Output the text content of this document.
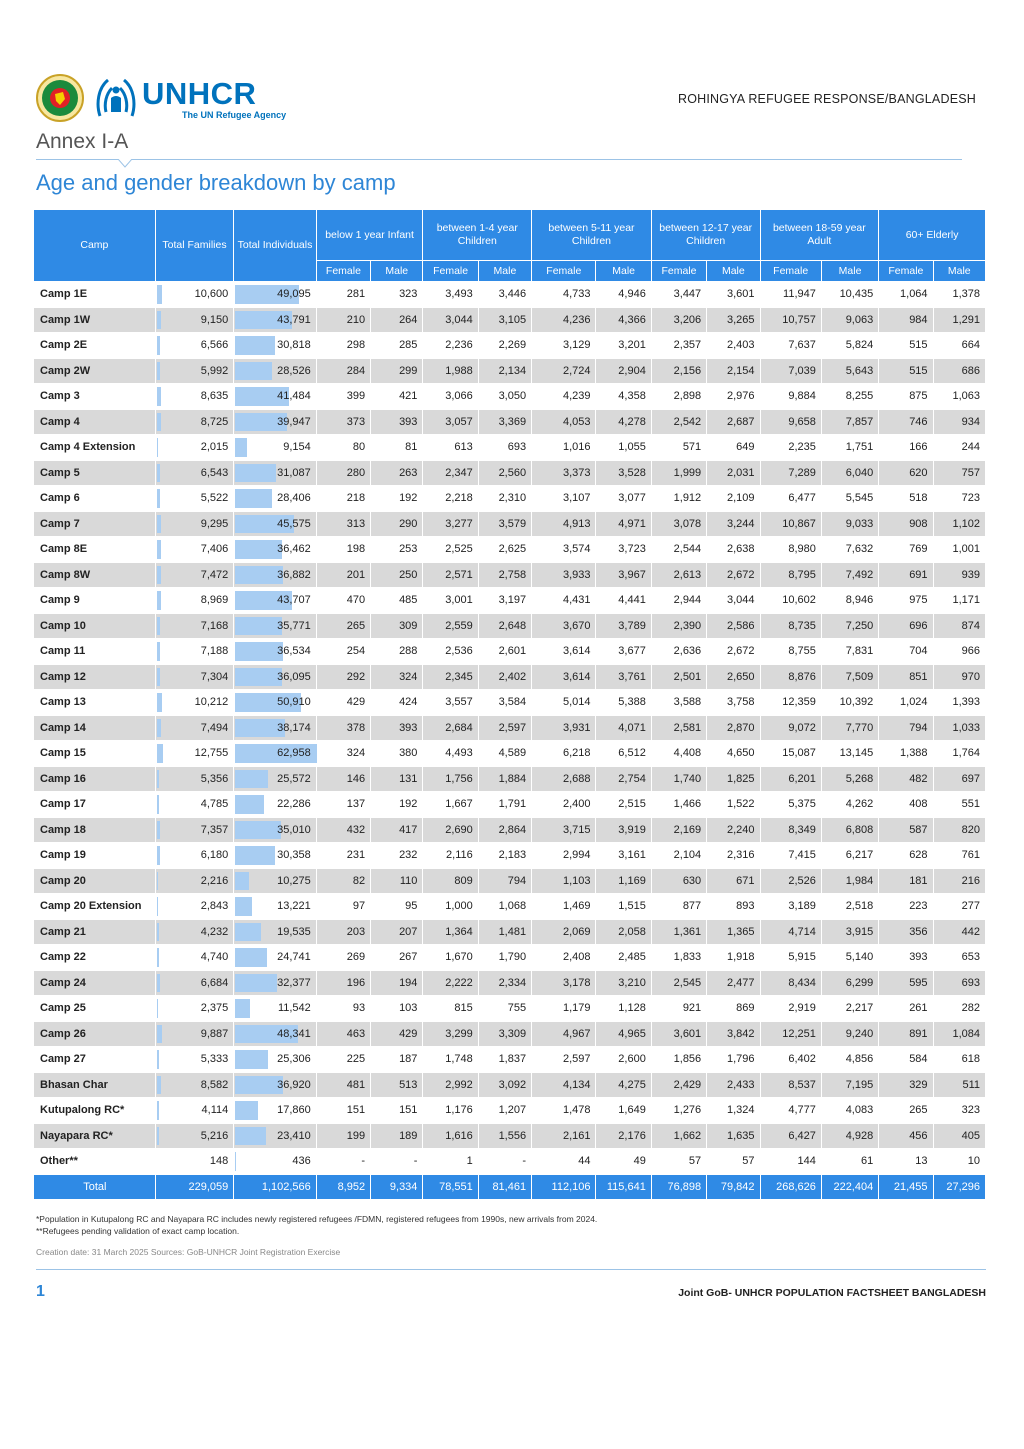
UNHCR
The UN Refugee Agency
ROHINGYA REFUGEE RESPONSE/BANGLADESH
Annex I-A
Age and gender breakdown by camp
Camp	Total Families	Total Individuals	below 1 year Infant		between 1-4 year Children		between 5-11 year Children		between 12-17 year Children		between 18-59 year Adult		60+ Elderly	
			Female	Male	Female	Male	Female	Male	Female	Male	Female	Male	Female	Male
Camp 1E	10,600	49,095	281	323	3,493	3,446	4,733	4,946	3,447	3,601	11,947	10,435	1,064	1,378
Camp 1W	9,150	43,791	210	264	3,044	3,105	4,236	4,366	3,206	3,265	10,757	9,063	984	1,291
Camp 2E	6,566	30,818	298	285	2,236	2,269	3,129	3,201	2,357	2,403	7,637	5,824	515	664
Camp 2W	5,992	28,526	284	299	1,988	2,134	2,724	2,904	2,156	2,154	7,039	5,643	515	686
Camp 3	8,635	41,484	399	421	3,066	3,050	4,239	4,358	2,898	2,976	9,884	8,255	875	1,063
Camp 4	8,725	39,947	373	393	3,057	3,369	4,053	4,278	2,542	2,687	9,658	7,857	746	934
Camp 4 Extension	2,015	9,154	80	81	613	693	1,016	1,055	571	649	2,235	1,751	166	244
Camp 5	6,543	31,087	280	263	2,347	2,560	3,373	3,528	1,999	2,031	7,289	6,040	620	757
Camp 6	5,522	28,406	218	192	2,218	2,310	3,107	3,077	1,912	2,109	6,477	5,545	518	723
Camp 7	9,295	45,575	313	290	3,277	3,579	4,913	4,971	3,078	3,244	10,867	9,033	908	1,102
Camp 8E	7,406	36,462	198	253	2,525	2,625	3,574	3,723	2,544	2,638	8,980	7,632	769	1,001
Camp 8W	7,472	36,882	201	250	2,571	2,758	3,933	3,967	2,613	2,672	8,795	7,492	691	939
Camp 9	8,969	43,707	470	485	3,001	3,197	4,431	4,441	2,944	3,044	10,602	8,946	975	1,171
Camp 10	7,168	35,771	265	309	2,559	2,648	3,670	3,789	2,390	2,586	8,735	7,250	696	874
Camp 11	7,188	36,534	254	288	2,536	2,601	3,614	3,677	2,636	2,672	8,755	7,831	704	966
Camp 12	7,304	36,095	292	324	2,345	2,402	3,614	3,761	2,501	2,650	8,876	7,509	851	970
Camp 13	10,212	50,910	429	424	3,557	3,584	5,014	5,388	3,588	3,758	12,359	10,392	1,024	1,393
Camp 14	7,494	38,174	378	393	2,684	2,597	3,931	4,071	2,581	2,870	9,072	7,770	794	1,033
Camp 15	12,755	62,958	324	380	4,493	4,589	6,218	6,512	4,408	4,650	15,087	13,145	1,388	1,764
Camp 16	5,356	25,572	146	131	1,756	1,884	2,688	2,754	1,740	1,825	6,201	5,268	482	697
Camp 17	4,785	22,286	137	192	1,667	1,791	2,400	2,515	1,466	1,522	5,375	4,262	408	551
Camp 18	7,357	35,010	432	417	2,690	2,864	3,715	3,919	2,169	2,240	8,349	6,808	587	820
Camp 19	6,180	30,358	231	232	2,116	2,183	2,994	3,161	2,104	2,316	7,415	6,217	628	761
Camp 20	2,216	10,275	82	110	809	794	1,103	1,169	630	671	2,526	1,984	181	216
Camp 20 Extension	2,843	13,221	97	95	1,000	1,068	1,469	1,515	877	893	3,189	2,518	223	277
Camp 21	4,232	19,535	203	207	1,364	1,481	2,069	2,058	1,361	1,365	4,714	3,915	356	442
Camp 22	4,740	24,741	269	267	1,670	1,790	2,408	2,485	1,833	1,918	5,915	5,140	393	653
Camp 24	6,684	32,377	196	194	2,222	2,334	3,178	3,210	2,545	2,477	8,434	6,299	595	693
Camp 25	2,375	11,542	93	103	815	755	1,179	1,128	921	869	2,919	2,217	261	282
Camp 26	9,887	48,341	463	429	3,299	3,309	4,967	4,965	3,601	3,842	12,251	9,240	891	1,084
Camp 27	5,333	25,306	225	187	1,748	1,837	2,597	2,600	1,856	1,796	6,402	4,856	584	618
Bhasan Char	8,582	36,920	481	513	2,992	3,092	4,134	4,275	2,429	2,433	8,537	7,195	329	511
Kutupalong RC*	4,114	17,860	151	151	1,176	1,207	1,478	1,649	1,276	1,324	4,777	4,083	265	323
Nayapara RC*	5,216	23,410	199	189	1,616	1,556	2,161	2,176	1,662	1,635	6,427	4,928	456	405
Other**	148	436	-	-	1	-	44	49	57	57	144	61	13	10
Total	229,059	1,102,566	8,952	9,334	78,551	81,461	112,106	115,641	76,898	79,842	268,626	222,404	21,455	27,296
*Population in Kutupalong RC and Nayapara RC includes newly registered refugees /FDMN, registered refugees from 1990s, new arrivals from 2024.
**Refugees pending validation of exact camp location.
Creation date: 31 March 2025 Sources: GoB-UNHCR Joint Registration Exercise
1	Joint GoB- UNHCR POPULATION FACTSHEET BANGLADESH
